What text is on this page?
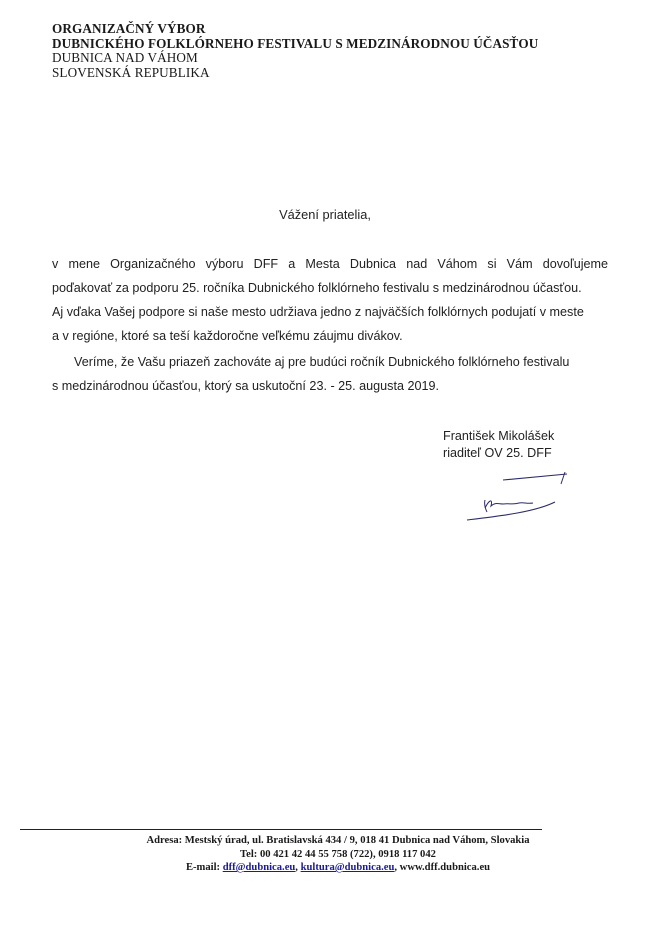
ORGANIZAČNÝ VÝBOR
DUBNICKÉHO FOLKLÓRNEHO FESTIVALU S MEDZINÁRODNOU ÚČASŤOU
DUBNICA NAD VÁHOM
SLOVENSKÁ REPUBLIKA
Vážení priatelia,
v mene Organizačného výboru DFF a Mesta Dubnica nad Váhom si Vám dovoľujeme
poďakovať za podporu 25. ročníka Dubnického folklórneho festivalu s medzinárodnou účasťou.
Aj vďaka Vašej podpore si naše mesto udržiava jedno z najväčších folklórnych podujatí v meste
a v regióne, ktoré sa teší každoročne veľkému záujmu divákov.
Veríme, že Vašu priazeň zachováte aj pre budúci ročník Dubnického folklórneho festivalu
s medzinárodnou účasťou, ktorý sa uskutoční 23. - 25. augusta 2019.
František Mikolášek
riaditeľ OV 25. DFF
Adresa: Mestský úrad, ul. Bratislavská 434 / 9, 018 41 Dubnica nad Váhom, Slovakia
Tel: 00 421 42 44 55 758 (722), 0918 117 042
E-mail: dff@dubnica.eu, kultura@dubnica.eu, www.dff.dubnica.eu
